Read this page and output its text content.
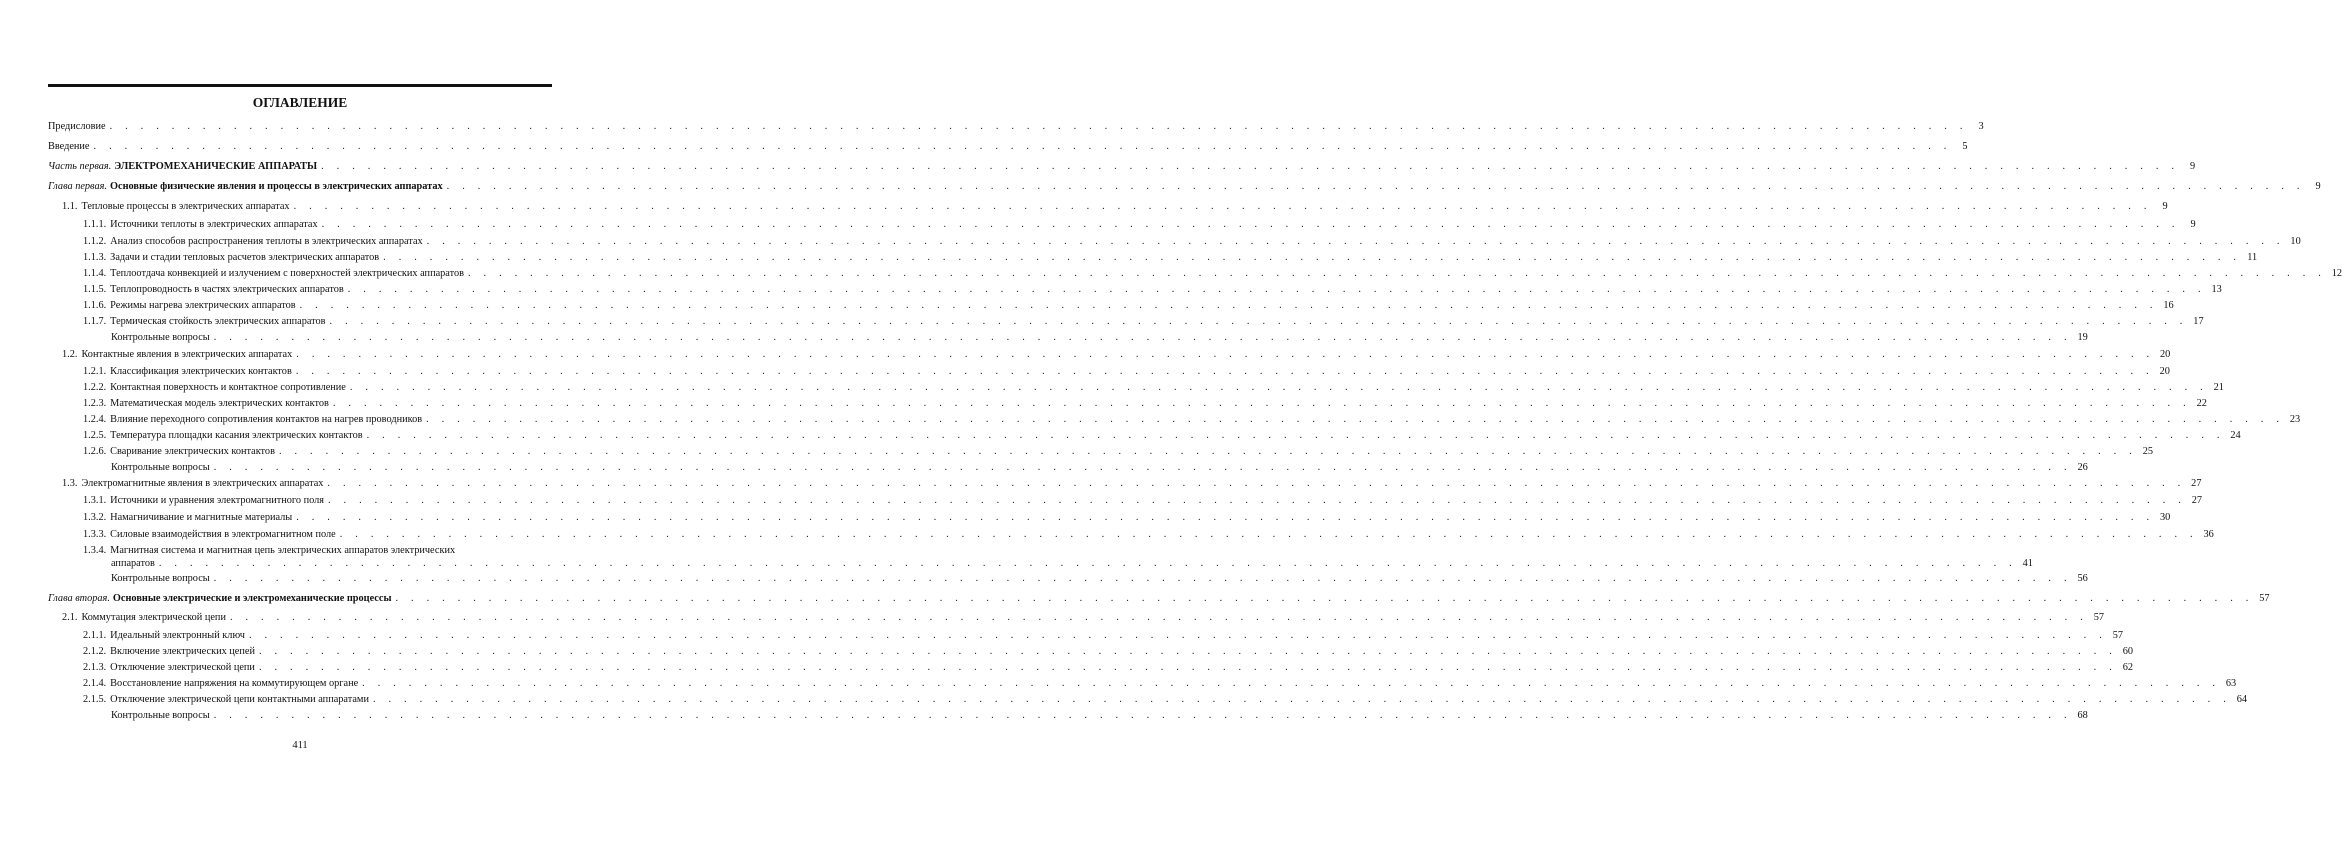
ОГЛАВЛЕНИЕ
Предисловие . . . . . . . . . . . . . . . . . . . . . . . . . . . . . . . . . . . . . . . . . . . . . . . . . . . . . . . . . . . . . . . . . . . . . . . . . . . . . . . . . . . . . . . . . . . . . . . . . . . . . . . . . . . . . . . . . . . . . . . .	3
Введение . . . . . . . . . . . . . . . . . . . . . . . . . . . . . . . . . . . . . . . . . . . . . . . . . . . . . . . . . . . . . . . . . . . . . . . . . . . . . . . . . . . . . . . . . . . . . . . . . . . . . . . . . . . . . . . . . . . . . . . .	5
Часть первая. ЭЛЕКТРОМЕХАНИЧЕСКИЕ АППАРАТЫ . . . . . . . . . . . . . . . . . . . . . . . . . . . . . . . . . . . . . . . . . . . . . . . . . . . . . . . . . . . . . . . . . . . . . . . . . . . . . . . . . . . . . . . . . . . . . . . . . . . . . . . . . . . . . . . . . . . . . . . .	9
Глава первая. Основные физические явления и процессы в электрических аппаратах . . . . . . . . . . . . . . . . . . . . . . . . . . . . . . . . . . . . . . . . . . . . . . . . . . . . . . . . . . . . . . . . . . . . . . . . . . . . . . . . . . . . . . . . . . . . . . . . . . . . . . . . . . . . . . . . . . . . . . . .	9
1.1. Тепловые процессы в электрических аппаратах . . . . . . . . . . . . . . . . . . . . . . . . . . . . . . . . . . . . . . . . . . . . . . . . . . . . . . . . . . . . . . . . . . . . . . . . . . . . . . . . . . . . . . . . . . . . . . . . . . . . . . . . . . . . . . . . . . . . . . . .	9
1.1.1. Источники теплоты в электрических аппаратах . . . . . . . . . . . . . . . . . . . . . . . . . . . . . . . . . . . . . . . . . . . . . . . . . . . . . . . . . . . . . . . . . . . . . . . . . . . . . . . . . . . . . . . . . . . . . . . . . . . . . . . . . . . . . . . . . . . . . . . .	9
1.1.2. Анализ способов распространения теплоты в электрических аппаратах . . . . . . . . . . . . . . . . . . . . . . . . . . . . . . . . . . . . . . . . . . . . . . . . . . . . . . . . . . . . . . . . . . . . . . . . . . . . . . . . . . . . . . . . . . . . . . . . . . . . . . . . . . . . . . . . . . . . . . . . 10
1.1.3. Задачи и стадии тепловых расчетов электрических аппаратов . . . . . . . . . . . . . . . . . . . . . . . . . . . . . . . . . . . . . . . . . . . . . . . . . . . . . . . . . . . . . . . . . . . . . . . . . . . . . . . . . . . . . . . . . . . . . . . . . . . . . . . . . . . . . . . . . . . . . . . . 11
1.1.4. Теплоотдача конвекцией и излучением с поверхностей электрических аппаратов . . . . . . . . . . . . . . . . . . . . . . . . . . . . . . . . . . . . . . . . . . . . . . . . . . . . . . . . . . . . . . . . . . . . . . . . . . . . . . . . . . . . . . . . . . . . . . . . . . . . . . . . . . . . . . . . . . . . . . . . 12
1.1.5. Теплопроводность в частях электрических аппаратов . . . . . . . . . . . . . . . . . . . . . . . . . . . . . . . . . . . . . . . . . . . . . . . . . . . . . . . . . . . . . . . . . . . . . . . . . . . . . . . . . . . . . . . . . . . . . . . . . . . . . . . . . . . . . . . . . . . . . . . . 13
1.1.6. Режимы нагрева электрических аппаратов . . . . . . . . . . . . . . . . . . . . . . . . . . . . . . . . . . . . . . . . . . . . . . . . . . . . . . . . . . . . . . . . . . . . . . . . . . . . . . . . . . . . . . . . . . . . . . . . . . . . . . . . . . . . . . . . . . . . . . . . 16
1.1.7. Термическая стойкость электрических аппаратов . . . . . . . . . . . . . . . . . . . . . . . . . . . . . . . . . . . . . . . . . . . . . . . . . . . . . . . . . . . . . . . . . . . . . . . . . . . . . . . . . . . . . . . . . . . . . . . . . . . . . . . . . . . . . . . . . . . . . . . . 17
Контрольные вопросы . . . . . . . . . . . . . . . . . . . . . . . . . . . . . . . . . . . . . . . . . . . . . . . . . . . . . . . . . . . . . . . . . . . . . . . . . . . . . . . . . . . . . . . . . . . . . . . . . . . . . . . . . . . . . . . . . . . . . . . . 19
1.2. Контактные явления в электрических аппаратах . . . . . . . . . . . . . . . . . . . . . . . . . . . . . . . . . . . . . . . . . . . . . . . . . . . . . . . . . . . . . . . . . . . . . . . . . . . . . . . . . . . . . . . . . . . . . . . . . . . . . . . . . . . . . . . . . . . . . . . . 20
1.2.1. Классификация электрических контактов . . . . . . . . . . . . . . . . . . . . . . . . . . . . . . . . . . . . . . . . . . . . . . . . . . . . . . . . . . . . . . . . . . . . . . . . . . . . . . . . . . . . . . . . . . . . . . . . . . . . . . . . . . . . . . . . . . . . . . . . 20
1.2.2. Контактная поверхность и контактное сопротивление . . . . . . . . . . . . . . . . . . . . . . . . . . . . . . . . . . . . . . . . . . . . . . . . . . . . . . . . . . . . . . . . . . . . . . . . . . . . . . . . . . . . . . . . . . . . . . . . . . . . . . . . . . . . . . . . . . . . . . . . 21
1.2.3. Математическая модель электрических контактов . . . . . . . . . . . . . . . . . . . . . . . . . . . . . . . . . . . . . . . . . . . . . . . . . . . . . . . . . . . . . . . . . . . . . . . . . . . . . . . . . . . . . . . . . . . . . . . . . . . . . . . . . . . . . . . . . . . . . . . . 22
1.2.4. Влияние переходного сопротивления контактов на нагрев проводников . . . . . . . . . . . . . . . . . . . . . . . . . . . . . . . . . . . . . . . . . . . . . . . . . . . . . . . . . . . . . . . . . . . . . . . . . . . . . . . . . . . . . . . . . . . . . . . . . . . . . . . . . . . . . . . . . . . . . . . . 23
1.2.5. Температура площадки касания электрических контактов . . . . . . . . . . . . . . . . . . . . . . . . . . . . . . . . . . . . . . . . . . . . . . . . . . . . . . . . . . . . . . . . . . . . . . . . . . . . . . . . . . . . . . . . . . . . . . . . . . . . . . . . . . . . . . . . . . . . . . . . 24
1.2.6. Сваривание электрических контактов . . . . . . . . . . . . . . . . . . . . . . . . . . . . . . . . . . . . . . . . . . . . . . . . . . . . . . . . . . . . . . . . . . . . . . . . . . . . . . . . . . . . . . . . . . . . . . . . . . . . . . . . . . . . . . . . . . . . . . . . 25
Контрольные вопросы . . . . . . . . . . . . . . . . . . . . . . . . . . . . . . . . . . . . . . . . . . . . . . . . . . . . . . . . . . . . . . . . . . . . . . . . . . . . . . . . . . . . . . . . . . . . . . . . . . . . . . . . . . . . . . . . . . . . . . . . 26
1.3. Электромагнитные явления в электрических аппаратах . . . . . . . . . . . . . . . . . . . . . . . . . . . . . . . . . . . . . . . . . . . . . . . . . . . . . . . . . . . . . . . . . . . . . . . . . . . . . . . . . . . . . . . . . . . . . . . . . . . . . . . . . . . . . . . . . . . . . . . . 27
1.3.1. Источники и уравнения электромагнитного поля . . . . . . . . . . . . . . . . . . . . . . . . . . . . . . . . . . . . . . . . . . . . . . . . . . . . . . . . . . . . . . . . . . . . . . . . . . . . . . . . . . . . . . . . . . . . . . . . . . . . . . . . . . . . . . . . . . . . . . . . 27
1.3.2. Намагничивание и магнитные материалы . . . . . . . . . . . . . . . . . . . . . . . . . . . . . . . . . . . . . . . . . . . . . . . . . . . . . . . . . . . . . . . . . . . . . . . . . . . . . . . . . . . . . . . . . . . . . . . . . . . . . . . . . . . . . . . . . . . . . . . . 30
1.3.3. Силовые взаимодействия в электромагнитном поле . . . . . . . . . . . . . . . . . . . . . . . . . . . . . . . . . . . . . . . . . . . . . . . . . . . . . . . . . . . . . . . . . . . . . . . . . . . . . . . . . . . . . . . . . . . . . . . . . . . . . . . . . . . . . . . . . . . . . . . . 36
1.3.4. Магнитная система и магнитная цепь электрических аппаратов электрических
аппаратов . . . . . . . . . . . . . . . . . . . . . . . . . . . . . . . . . . . . . . . . . . . . . . . . . . . . . . . . . . . . . . . . . . . . . . . . . . . . . . . . . . . . . . . . . . . . . . . . . . . . . . . . . . . . . . . . . . . . . . . . 41
Контрольные вопросы . . . . . . . . . . . . . . . . . . . . . . . . . . . . . . . . . . . . . . . . . . . . . . . . . . . . . . . . . . . . . . . . . . . . . . . . . . . . . . . . . . . . . . . . . . . . . . . . . . . . . . . . . . . . . . . . . . . . . . . . 56
Глава вторая. Основные электрические и электромеханические процессы . . . . . . . . . . . . . . . . . . . . . . . . . . . . . . . . . . . . . . . . . . . . . . . . . . . . . . . . . . . . . . . . . . . . . . . . . . . . . . . . . . . . . . . . . . . . . . . . . . . . . . . . . . . . . . . . . . . . . . . . 57
2.1. Коммутация электрической цепи . . . . . . . . . . . . . . . . . . . . . . . . . . . . . . . . . . . . . . . . . . . . . . . . . . . . . . . . . . . . . . . . . . . . . . . . . . . . . . . . . . . . . . . . . . . . . . . . . . . . . . . . . . . . . . . . . . . . . . . . 57
2.1.1. Идеальный электронный ключ . . . . . . . . . . . . . . . . . . . . . . . . . . . . . . . . . . . . . . . . . . . . . . . . . . . . . . . . . . . . . . . . . . . . . . . . . . . . . . . . . . . . . . . . . . . . . . . . . . . . . . . . . . . . . . . . . . . . . . . . 57
2.1.2. Включение электрических цепей . . . . . . . . . . . . . . . . . . . . . . . . . . . . . . . . . . . . . . . . . . . . . . . . . . . . . . . . . . . . . . . . . . . . . . . . . . . . . . . . . . . . . . . . . . . . . . . . . . . . . . . . . . . . . . . . . . . . . . . . 60
2.1.3. Отключение электрической цепи . . . . . . . . . . . . . . . . . . . . . . . . . . . . . . . . . . . . . . . . . . . . . . . . . . . . . . . . . . . . . . . . . . . . . . . . . . . . . . . . . . . . . . . . . . . . . . . . . . . . . . . . . . . . . . . . . . . . . . . . 62
2.1.4. Восстановление напряжения на коммутирующем органе . . . . . . . . . . . . . . . . . . . . . . . . . . . . . . . . . . . . . . . . . . . . . . . . . . . . . . . . . . . . . . . . . . . . . . . . . . . . . . . . . . . . . . . . . . . . . . . . . . . . . . . . . . . . . . . . . . . . . . . . 63
2.1.5. Отключение электрической цепи контактными аппаратами . . . . . . . . . . . . . . . . . . . . . . . . . . . . . . . . . . . . . . . . . . . . . . . . . . . . . . . . . . . . . . . . . . . . . . . . . . . . . . . . . . . . . . . . . . . . . . . . . . . . . . . . . . . . . . . . . . . . . . . . 64
Контрольные вопросы . . . . . . . . . . . . . . . . . . . . . . . . . . . . . . . . . . . . . . . . . . . . . . . . . . . . . . . . . . . . . . . . . . . . . . . . . . . . . . . . . . . . . . . . . . . . . . . . . . . . . . . . . . . . . . . . . . . . . . . . 68
411
